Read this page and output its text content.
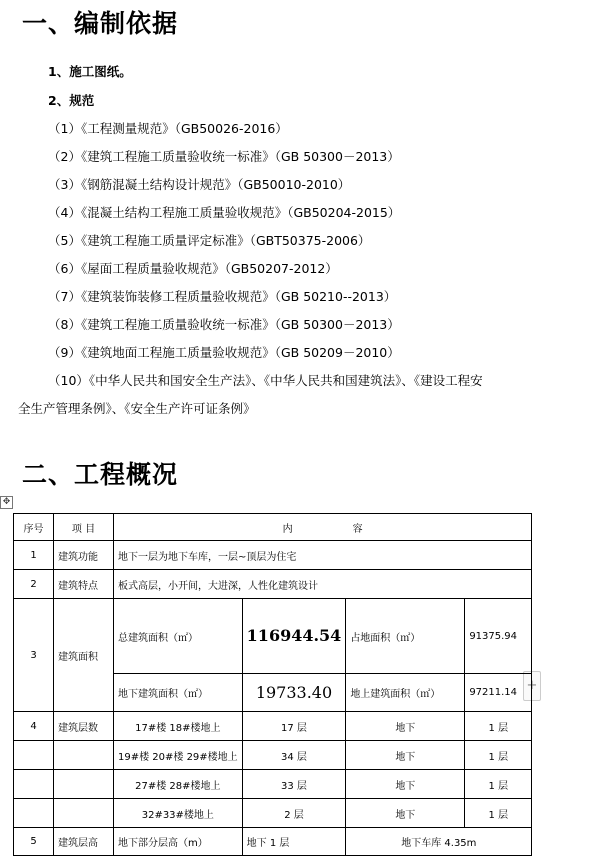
一、编制依据
1、施工图纸。
2、规范
（1）《工程测量规范》（GB50026-2016）
（2）《建筑工程施工质量验收统一标准》（GB 50300－2013）
（3）《钢筋混凝土结构设计规范》（GB50010-2010）
（4）《混凝土结构工程施工质量验收规范》（GB50204-2015）
（5）《建筑工程施工质量评定标准》（GBT50375-2006）
（6）《屋面工程质量验收规范》（GB50207-2012）
（7）《建筑装饰装修工程质量验收规范》（GB 50210--2013）
（8）《建筑工程施工质量验收统一标准》（GB 50300－2013）
（9）《建筑地面工程施工质量验收规范》（GB 50209－2010）
（10）《中华人民共和国安全生产法》、《中华人民共和国建筑法》、《建设工程安
全生产管理条例》、《安全生产许可证条例》
二、工程概况
✥
+
序号	项 目	内　　　　　　容			
1	建筑功能	地下一层为地下车库，一层~顶层为住宅			
2	建筑特点	板式高层，小开间，大进深，人性化建筑设计			
3	建筑面积	总建筑面积（㎡）	116944.54	占地面积（㎡）	91375.94
		地下建筑面积（㎡）	19733.40	地上建筑面积（㎡）	97211.14
4	建筑层数	17#楼 18#楼地上	17 层	地下	1 层
		19#楼 20#楼 29#楼地上	34 层	地下	1 层
		27#楼 28#楼地上	33 层	地下	1 层
		32#33#楼地上	2 层	地下	1 层
5	建筑层高	地下部分层高（m）	地下 1 层	地下车库 4.35m	
